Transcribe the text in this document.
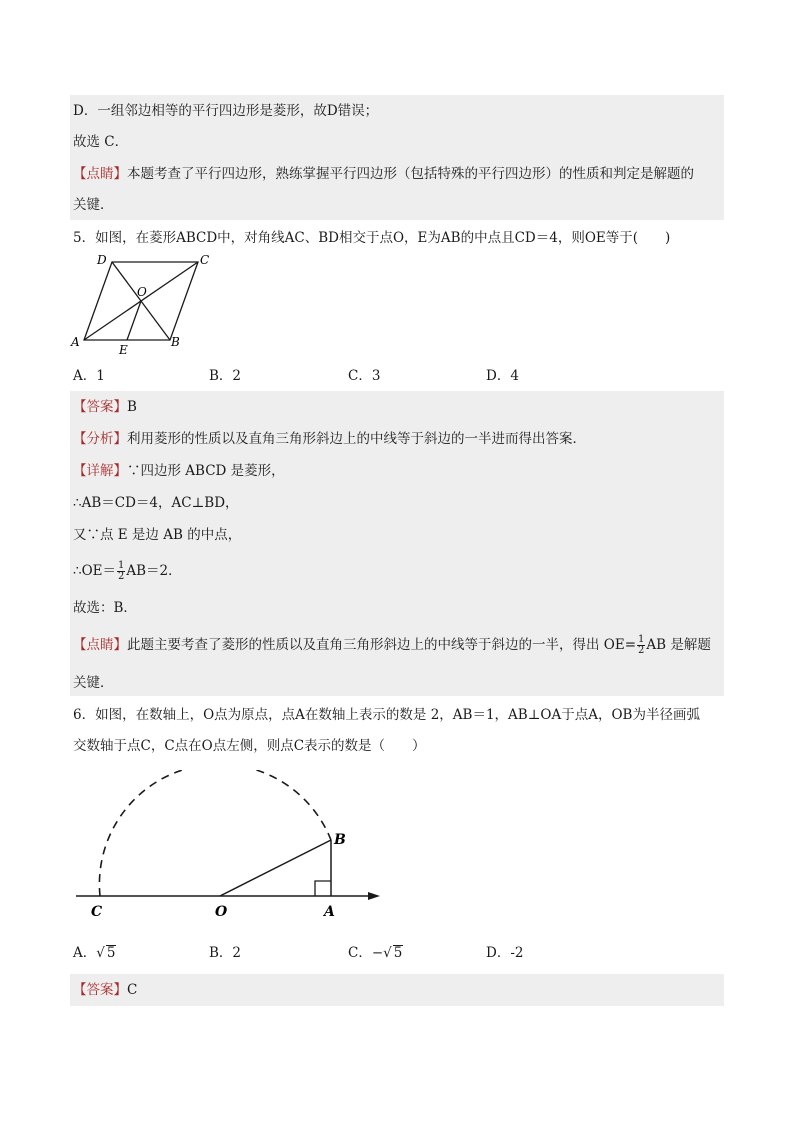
D．一组邻边相等的平行四边形是菱形，故D错误；
故选 C．
【点睛】本题考查了平行四边形，熟练掌握平行四边形（包括特殊的平行四边形）的性质和判定是解题的
关键．
5．如图，在菱形ABCD中，对角线AC、BD相交于点O，E为AB的中点且CD＝4，则OE等于(　　)
D	C
O
A	B
E
A．1	B．2	C．3	D．4
【答案】B
【分析】利用菱形的性质以及直角三角形斜边上的中线等于斜边的一半进而得出答案．
【详解】∵四边形 ABCD 是菱形，
∴AB＝CD＝4，AC⊥BD，
又∵点 E 是边 AB 的中点，
∴OE＝ $\frac{1}{2} AB=2$．
故选：B．
【点睛】此题主要考查了菱形的性质以及直角三角形斜边上的中线等于斜边的一半，得出 $OE= \frac{1}{2}$ AB 是解题
关键．
6．如图，在数轴上，O点为原点，点A在数轴上表示的数是 2，AB＝1，AB⊥OA于点A，OB为半径画弧
交数轴于点C，C点在O点左侧，则点C表示的数是（　　）
C	O	A
B
A．√ 5	B．2	C．−√ 5	D．-2
【答案】C
